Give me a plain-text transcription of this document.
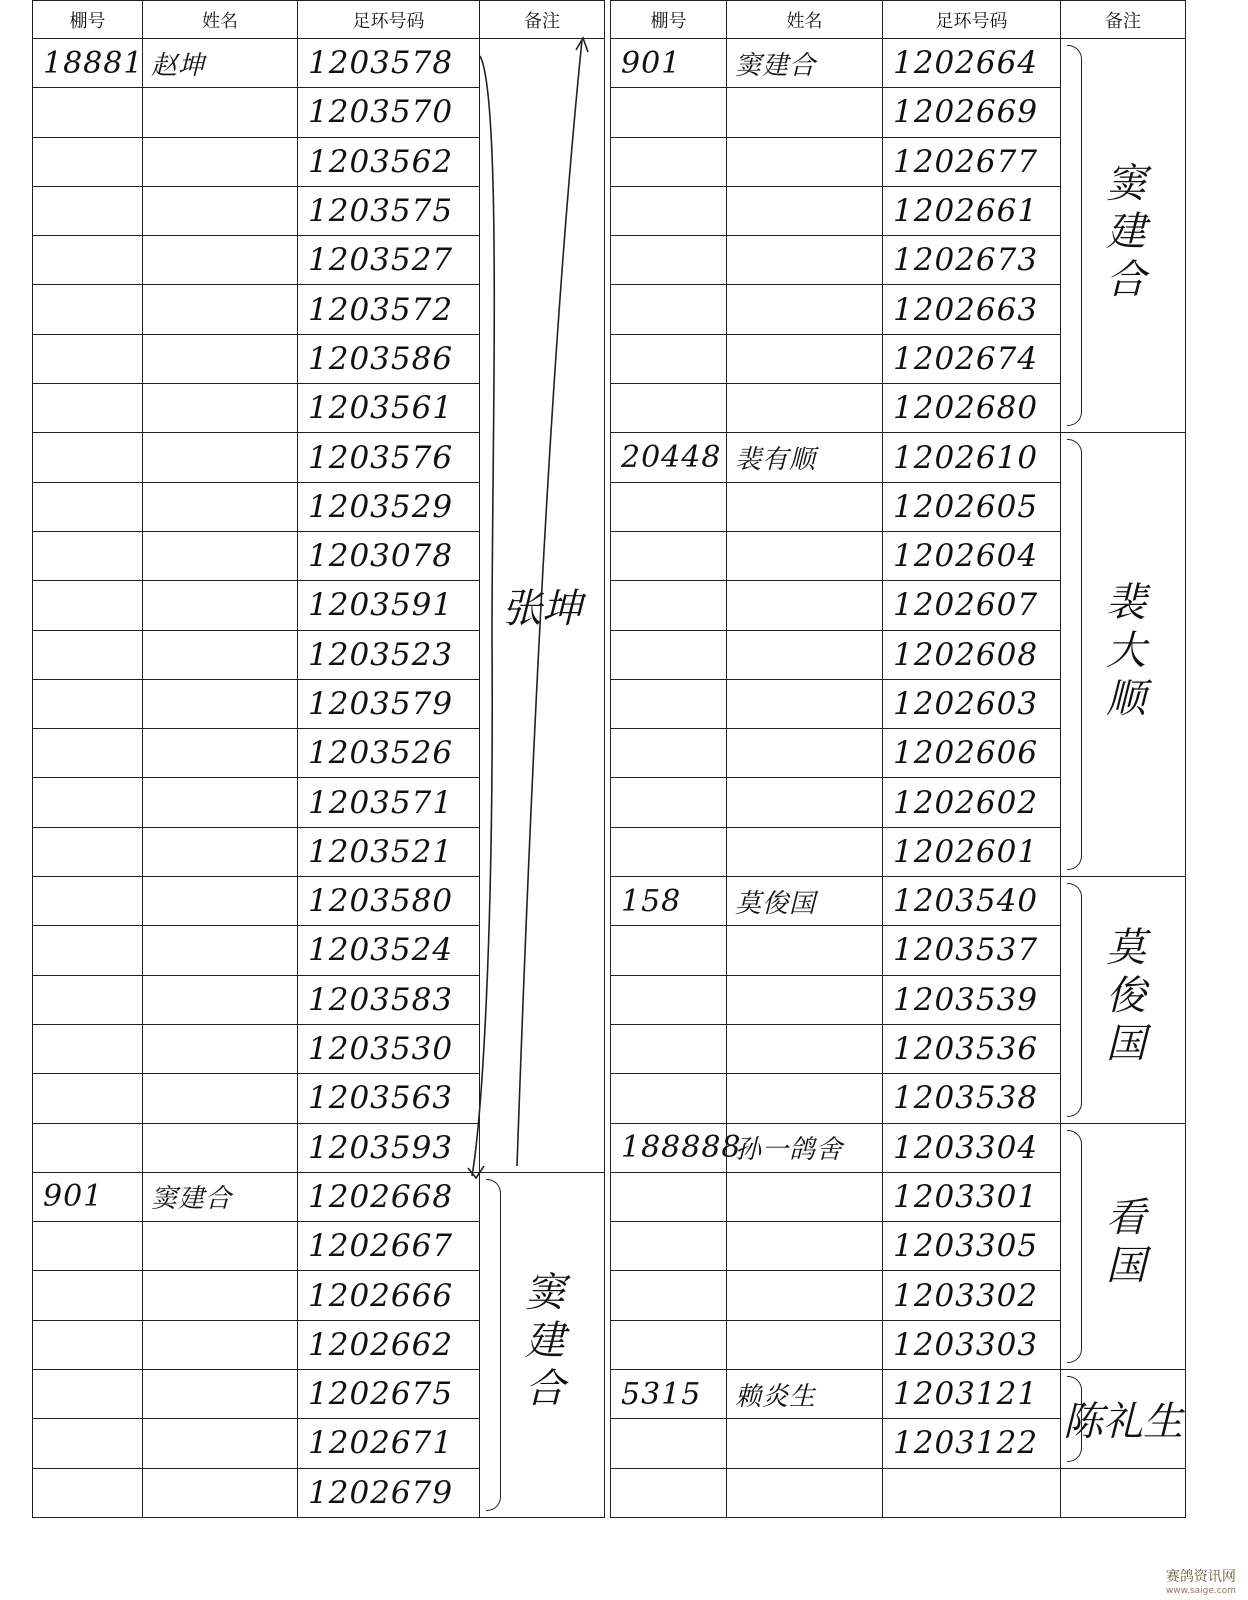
棚号	姓名	足环号码	备注
18881	赵坤	1203578	张坤
		1203570	
		1203562	
		1203575	
		1203527	
		1203572	
		1203586	
		1203561	
		1203576	
		1203529	
		1203078	
		1203591	
		1203523	
		1203579	
		1203526	
		1203571	
		1203521	
		1203580	
		1203524	
		1203583	
		1203530	
		1203563	
		1203593	
901	窦建合	1202668	窦建合
		1202667	
		1202666	
		1202662	
		1202675	
		1202671	
		1202679	
棚号	姓名	足环号码	备注
901	窦建合	1202664	窦建合
		1202669	
		1202677	
		1202661	
		1202673	
		1202663	
		1202674	
		1202680	
20448	裴有顺	1202610	裴大顺
		1202605	
		1202604	
		1202607	
		1202608	
		1202603	
		1202606	
		1202602	
		1202601	
158	莫俊国	1203540	莫俊国
		1203537	
		1203539	
		1203536	
		1203538	
188888	孙一鸽舍	1203304	看国
		1203301	
		1203305	
		1203302	
		1203303	
5315	赖炎生	1203121	陈礼生
		1203122	

赛鸽资讯网
www.saige.com
